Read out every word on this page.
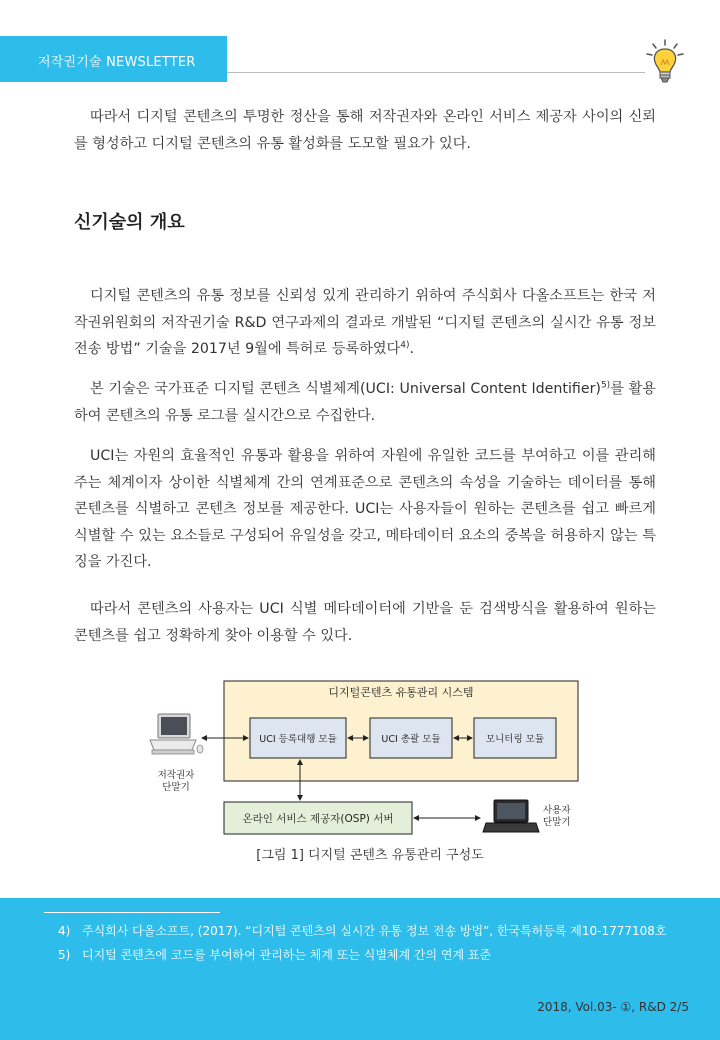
저작권기술 NEWSLETTER

따라서 디지털 콘텐츠의 투명한 정산을 통해 저작권자와 온라인 서비스 제공자 사이의 신뢰를 형성하고 디지털 콘텐츠의 유통 활성화를 도모할 필요가 있다.

신기술의 개요

디지털 콘텐츠의 유통 정보를 신뢰성 있게 관리하기 위하여 주식회사 다올소프트는 한국 저작권위원회의 저작권기술 R&D 연구과제의 결과로 개발된 “디지털 콘텐츠의 실시간 유통 정보 전송 방법” 기술을 2017년 9월에 특허로 등록하였다$^{4)}$.

본 기술은 국가표준 디지털 콘텐츠 식별체계(UCI: Universal Content Identifier)$^{5)}$를 활용하여 콘텐츠의 유통 로그를 실시간으로 수집한다.

UCI는 자원의 효율적인 유통과 활용을 위하여 자원에 유일한 코드를 부여하고 이를 관리해 주는 체계이자 상이한 식별체계 간의 연계표준으로 콘텐츠의 속성을 기술하는 데이터를 통해 콘텐츠를 식별하고 콘텐츠 정보를 제공한다. UCI는 사용자들이 원하는 콘텐츠를 쉽고 빠르게 식별할 수 있는 요소들로 구성되어 유일성을 갖고, 메타데이터 요소의 중복을 허용하지 않는 특징을 가진다.

따라서 콘텐츠의 사용자는 UCI 식별 메타데이터에 기반을 둔 검색방식을 활용하여 원하는 콘텐츠를 쉽고 정확하게 찾아 이용할 수 있다.

디지털콘텐츠 유통관리 시스템
UCI 등록대행 모듈	UCI 총괄 모듈	모니터링 모듈
저작권자
단말기
온라인 서비스 제공자(OSP) 서버
사용자
단말기
[그림 1] 디지털 콘텐츠 유통관리 구성도
4) 주식회사 다올소프트, (2017). “디지털 콘텐츠의 실시간 유통 정보 전송 방법”, 한국특허등록 제10-1777108호
5) 디지털 콘텐츠에 코드를 부여하여 관리하는 체계 또는 식별체계 간의 연계 표준
2018, Vol.03- ①, R&D 2/5
